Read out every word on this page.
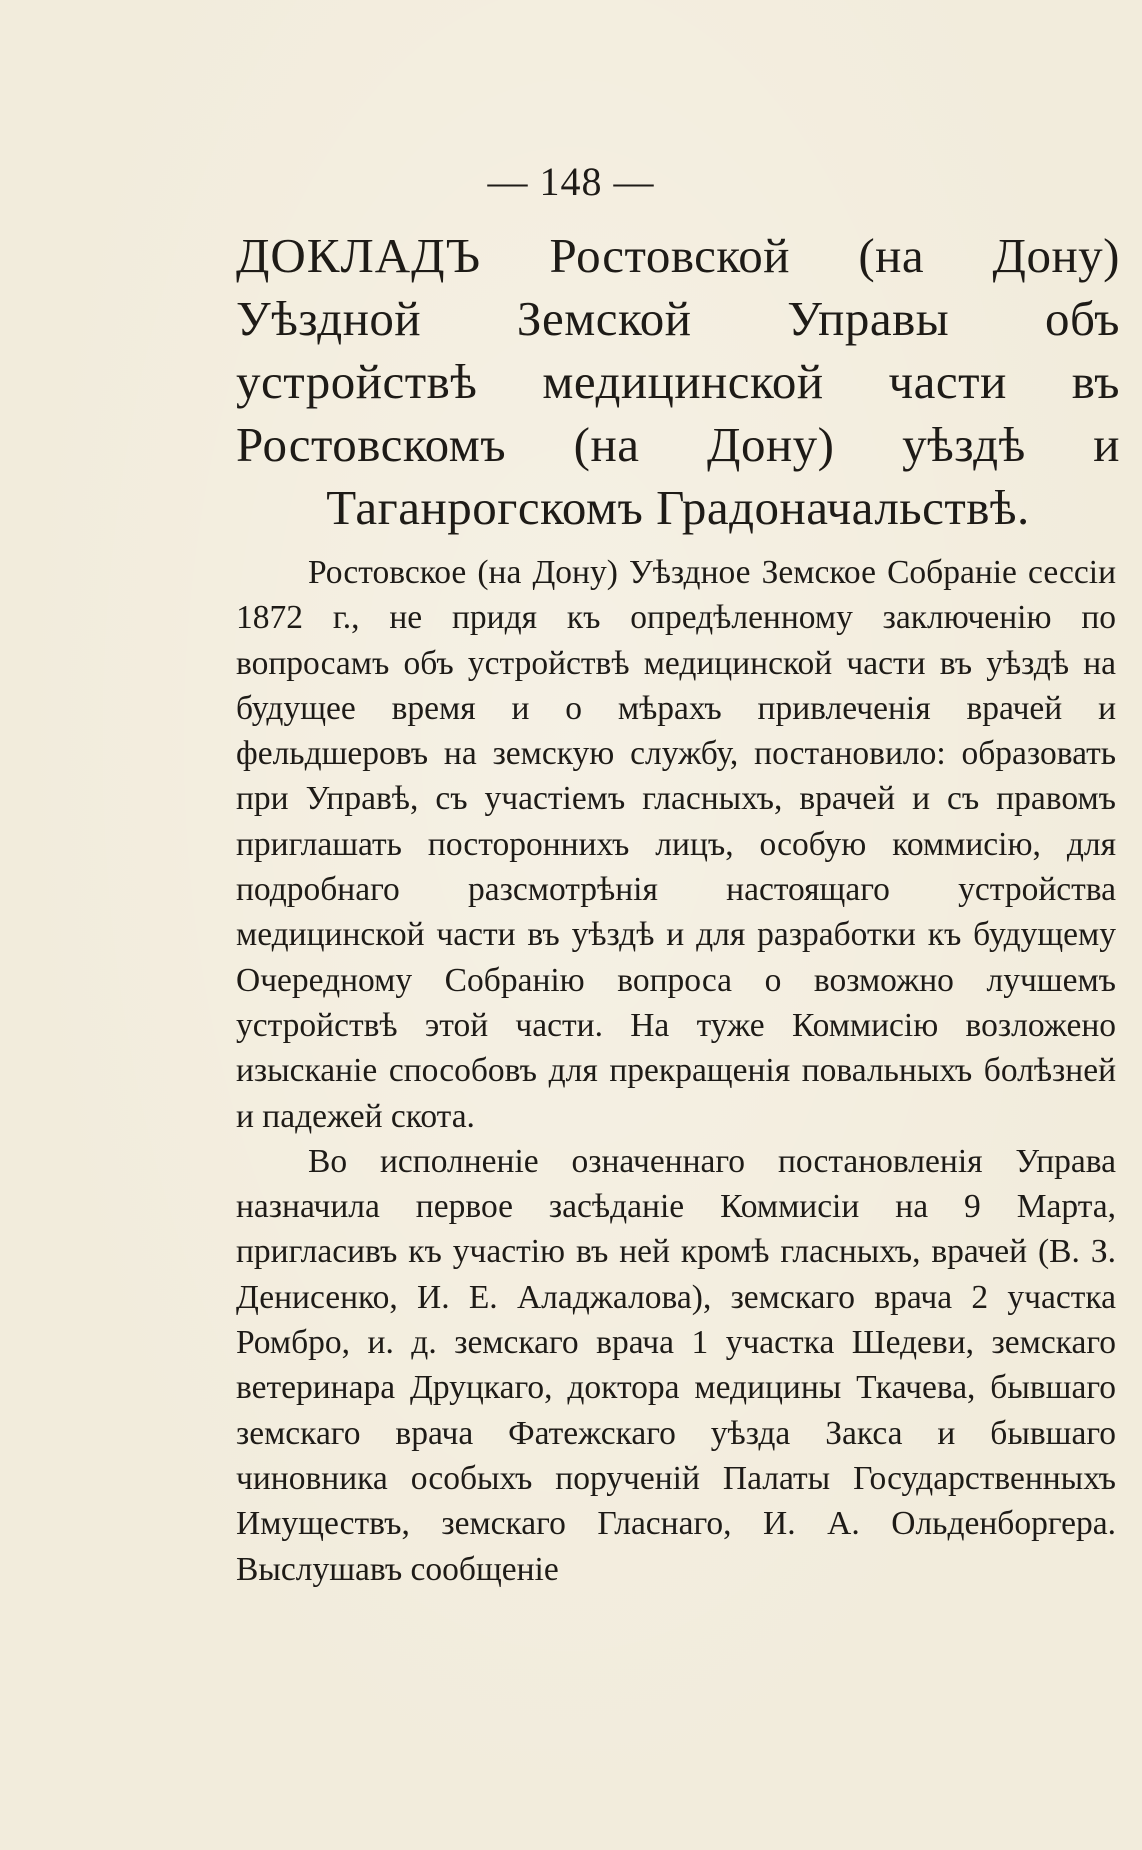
— 148 —
ДОКЛАДЪ Ростовской (на Дону) Уѣздной Земской Управы объ устройствѣ медицинской части въ Ростовскомъ (на Дону) уѣздѣ и Таганрогскомъ Градоначальствѣ.

Ростовское (на Дону) Уѣздное Земское Собраніе сессіи 1872 г., не придя къ опредѣленному заключенію по вопросамъ объ устройствѣ медицинской части въ уѣздѣ на будущее время и о мѣрахъ привлеченія врачей и фельдшеровъ на земскую службу, постановило: образовать при Управѣ, съ участіемъ гласныхъ, врачей и съ правомъ приглашать постороннихъ лицъ, особую коммисію, для подробнаго разсмотрѣнія настоящаго устройства медицинской части въ уѣздѣ и для разработки къ будущему Очередному Собранію вопроса о возможно лучшемъ устройствѣ этой части. На туже Коммисію возложено изысканіе способовъ для прекращенія повальныхъ болѣзней и падежей скота.

Во исполненіе означеннаго постановленія Управа назначила первое засѣданіе Коммисіи на 9 Марта, пригласивъ къ участію въ ней кромѣ гласныхъ, врачей (В. З. Денисенко, И. Е. Аладжалова), земскаго врача 2 участка Ромбро, и. д. земскаго врача 1 участка Шедеви, земскаго ветеринара Друцкаго, доктора медицины Ткачева, бывшаго земскаго врача Фатежскаго уѣзда Закса и бывшаго чиновника особыхъ порученій Палаты Государственныхъ Имуществъ, земскаго Гласнаго, И. А. Ольденборгера. Выслушавъ сообщеніе
